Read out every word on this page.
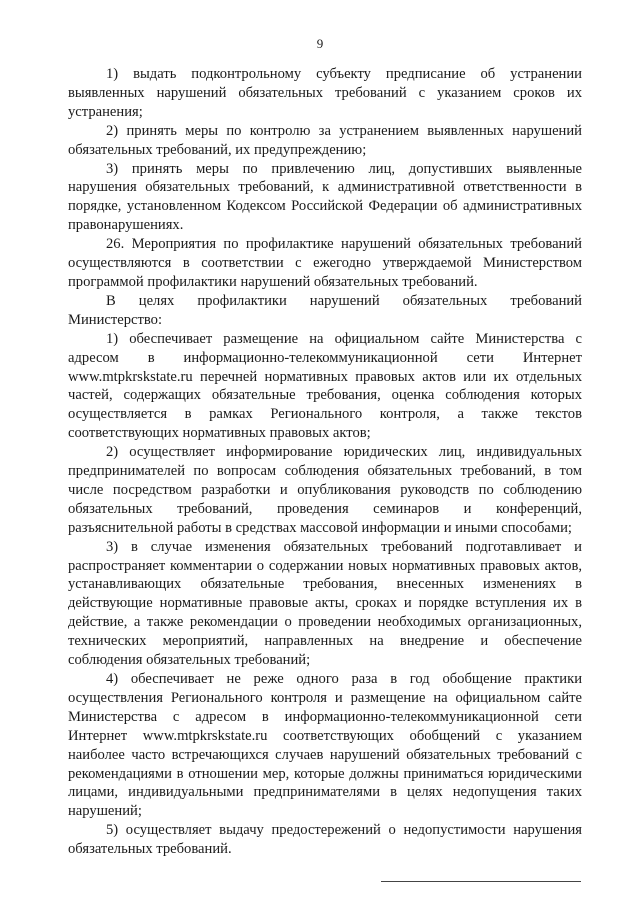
9

1) выдать подконтрольному субъекту предписание об устранении выявленных нарушений обязательных требований с указанием сроков их устранения;

2) принять меры по контролю за устранением выявленных нарушений обязательных требований, их предупреждению;

3) принять меры по привлечению лиц, допустивших выявленные нарушения обязательных требований, к административной ответственности в порядке, установленном Кодексом Российской Федерации об административных правонарушениях.

26. Мероприятия по профилактике нарушений обязательных требований осуществляются в соответствии с ежегодно утверждаемой Министерством программой профилактики нарушений обязательных требований.

В целях профилактики нарушений обязательных требований Министерство:

1) обеспечивает размещение на официальном сайте Министерства с адресом в информационно-телекоммуникационной сети Интернет www.mtpkrskstate.ru перечней нормативных правовых актов или их отдельных частей, содержащих обязательные требования, оценка соблюдения которых осуществляется в рамках Регионального контроля, а также текстов соответствующих нормативных правовых актов;

2) осуществляет информирование юридических лиц, индивидуальных предпринимателей по вопросам соблюдения обязательных требований, в том числе посредством разработки и опубликования руководств по соблюдению обязательных требований, проведения семинаров и конференций, разъяснительной работы в средствах массовой информации и иными способами;

3) в случае изменения обязательных требований подготавливает и распространяет комментарии о содержании новых нормативных правовых актов, устанавливающих обязательные требования, внесенных изменениях в действующие нормативные правовые акты, сроках и порядке вступления их в действие, а также рекомендации о проведении необходимых организационных, технических мероприятий, направленных на внедрение и обеспечение соблюдения обязательных требований;

4) обеспечивает не реже одного раза в год обобщение практики осуществления Регионального контроля и размещение на официальном сайте Министерства с адресом в информационно-телекоммуникационной сети Интернет www.mtpkrskstate.ru соответствующих обобщений с указанием наиболее часто встречающихся случаев нарушений обязательных требований с рекомендациями в отношении мер, которые должны приниматься юридическими лицами, индивидуальными предпринимателями в целях недопущения таких нарушений;

5) осуществляет выдачу предостережений о недопустимости нарушения обязательных требований.
